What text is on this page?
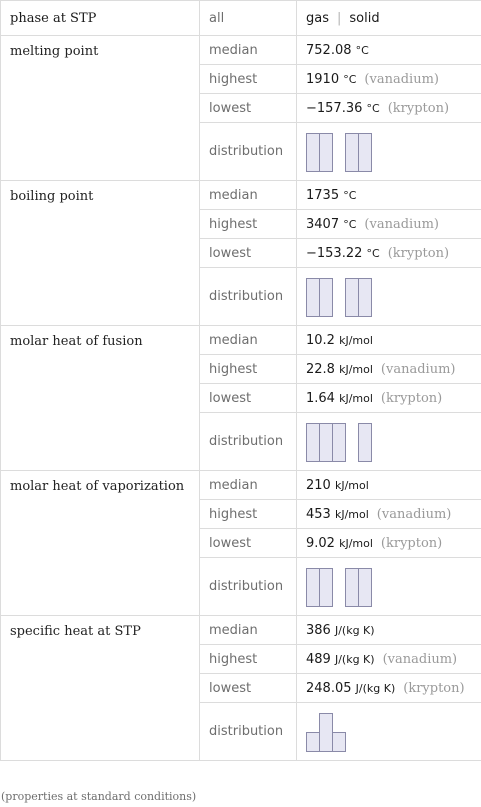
phase at STP	all	gas | solid
melting point	median	752.08 °C
	highest	1910 °C (vanadium)
	lowest	−157.36 °C (krypton)
	distribution	

boiling point	median	1735 °C
	highest	3407 °C (vanadium)
	lowest	−153.22 °C (krypton)
	distribution	

molar heat of fusion	median	10.2 kJ/mol
	highest	22.8 kJ/mol (vanadium)
	lowest	1.64 kJ/mol (krypton)
	distribution	

molar heat of vaporization	median	210 kJ/mol
	highest	453 kJ/mol (vanadium)
	lowest	9.02 kJ/mol (krypton)
	distribution	

specific heat at STP	median	386 J/(kg K)
	highest	489 J/(kg K) (vanadium)
	lowest	248.05 J/(kg K) (krypton)
	distribution	
(properties at standard conditions)
